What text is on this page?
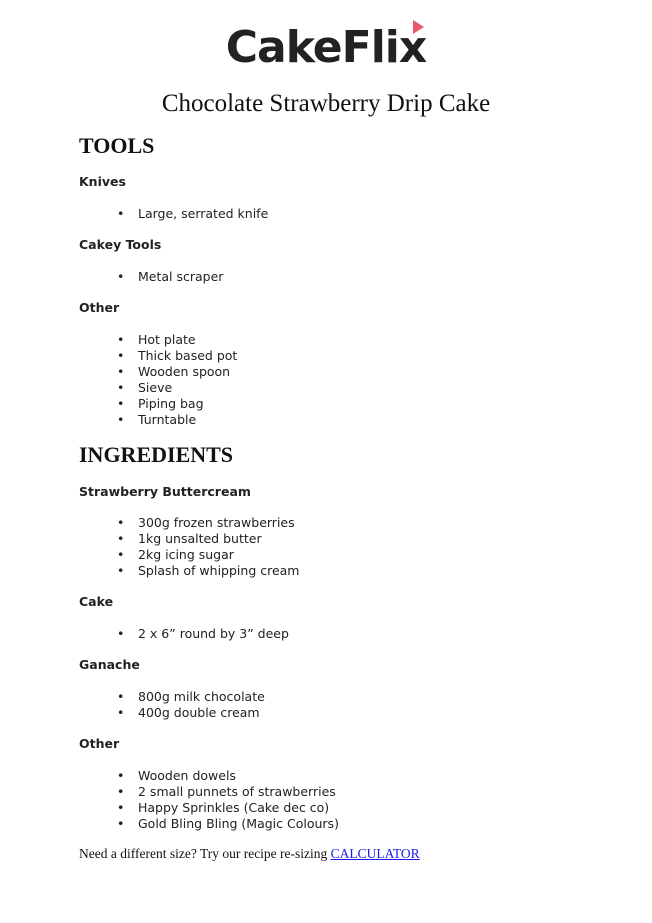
CakeFlix
Chocolate Strawberry Drip Cake
TOOLS
Knives
• Large, serrated knife
Cakey Tools
• Metal scraper
Other
• Hot plate
• Thick based pot
• Wooden spoon
• Sieve
• Piping bag
• Turntable
INGREDIENTS
Strawberry Buttercream
• 300g frozen strawberries
• 1kg unsalted butter
• 2kg icing sugar
• Splash of whipping cream
Cake
• 2 x 6” round by 3” deep
Ganache
• 800g milk chocolate
• 400g double cream
Other
• Wooden dowels
• 2 small punnets of strawberries
• Happy Sprinkles (Cake dec co)
• Gold Bling Bling (Magic Colours)
Need a different size? Try our recipe re-sizing CALCULATOR
